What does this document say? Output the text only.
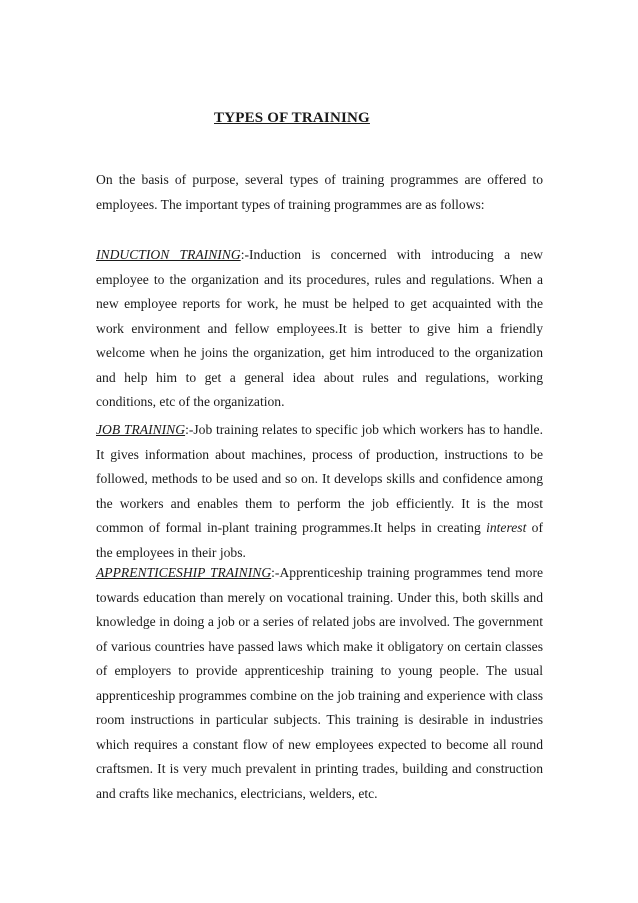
TYPES OF TRAINING

On the basis of purpose, several types of training programmes are offered to employees. The important types of training programmes are as follows:

INDUCTION TRAINING:-Induction is concerned with introducing a new employee to the organization and its procedures, rules and regulations. When a new employee reports for work, he must be helped to get acquainted with the work environment and fellow employees.It is better to give him a friendly welcome when he joins the organization, get him introduced to the organization and help him to get a general idea about rules and regulations, working conditions, etc of the organization.

JOB TRAINING:-Job training relates to specific job which workers has to handle. It gives information about machines, process of production, instructions to be followed, methods to be used and so on. It develops skills and confidence among the workers and enables them to perform the job efficiently. It is the most common of formal in-plant training programmes.It helps in creating interest of the employees in their jobs.

APPRENTICESHIP TRAINING:-Apprenticeship training programmes tend more towards education than merely on vocational training. Under this, both skills and knowledge in doing a job or a series of related jobs are involved. The government of various countries have passed laws which make it obligatory on certain classes of employers to provide apprenticeship training to young people. The usual apprenticeship programmes combine on the job training and experience with class room instructions in particular subjects. This training is desirable in industries which requires a constant flow of new employees expected to become all round craftsmen. It is very much prevalent in printing trades, building and construction and crafts like mechanics, electricians, welders, etc.
